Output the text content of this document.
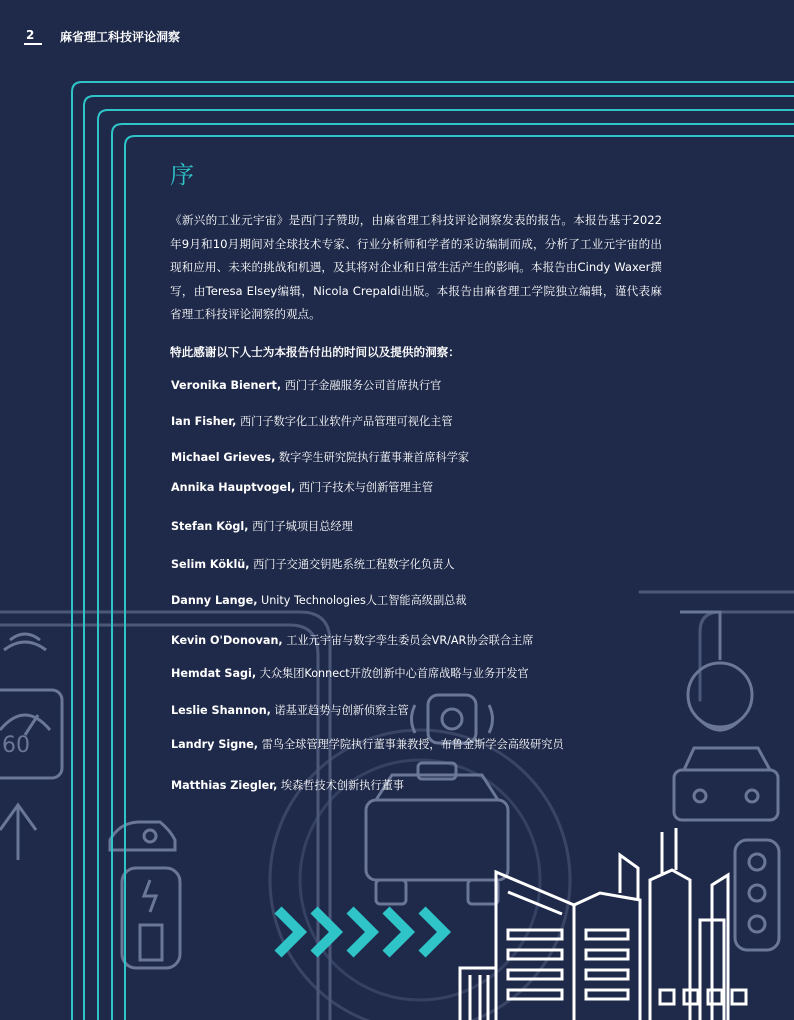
60
2 麻省理工科技评论洞察
序

《新兴的工业元宇宙》是西门子赞助，由麻省理工科技评论洞察发表的报告。本报告基于2022年9月和10月期间对全球技术专家、行业分析师和学者的采访编制而成，分析了工业元宇宙的出现和应用、未来的挑战和机遇，及其将对企业和日常生活产生的影响。本报告由Cindy Waxer撰写，由Teresa Elsey编辑，Nicola Crepaldi出版。本报告由麻省理工学院独立编辑，谨代表麻省理工科技评论洞察的观点。

特此感谢以下人士为本报告付出的时间以及提供的洞察：
Veronika Bienert, 西门子金融服务公司首席执行官
Ian Fisher, 西门子数字化工业软件产品管理可视化主管
Michael Grieves, 数字孪生研究院执行董事兼首席科学家
Annika Hauptvogel, 西门子技术与创新管理主管
Stefan Kögl, 西门子城项目总经理
Selim Köklü, 西门子交通交钥匙系统工程数字化负责人
Danny Lange, Unity Technologies人工智能高级副总裁
Kevin O'Donovan, 工业元宇宙与数字孪生委员会VR/AR协会联合主席
Hemdat Sagi, 大众集团Konnect开放创新中心首席战略与业务开发官
Leslie Shannon, 诺基亚趋势与创新侦察主管
Landry Signe, 雷鸟全球管理学院执行董事兼教授，布鲁金斯学会高级研究员
Matthias Ziegler, 埃森哲技术创新执行董事
